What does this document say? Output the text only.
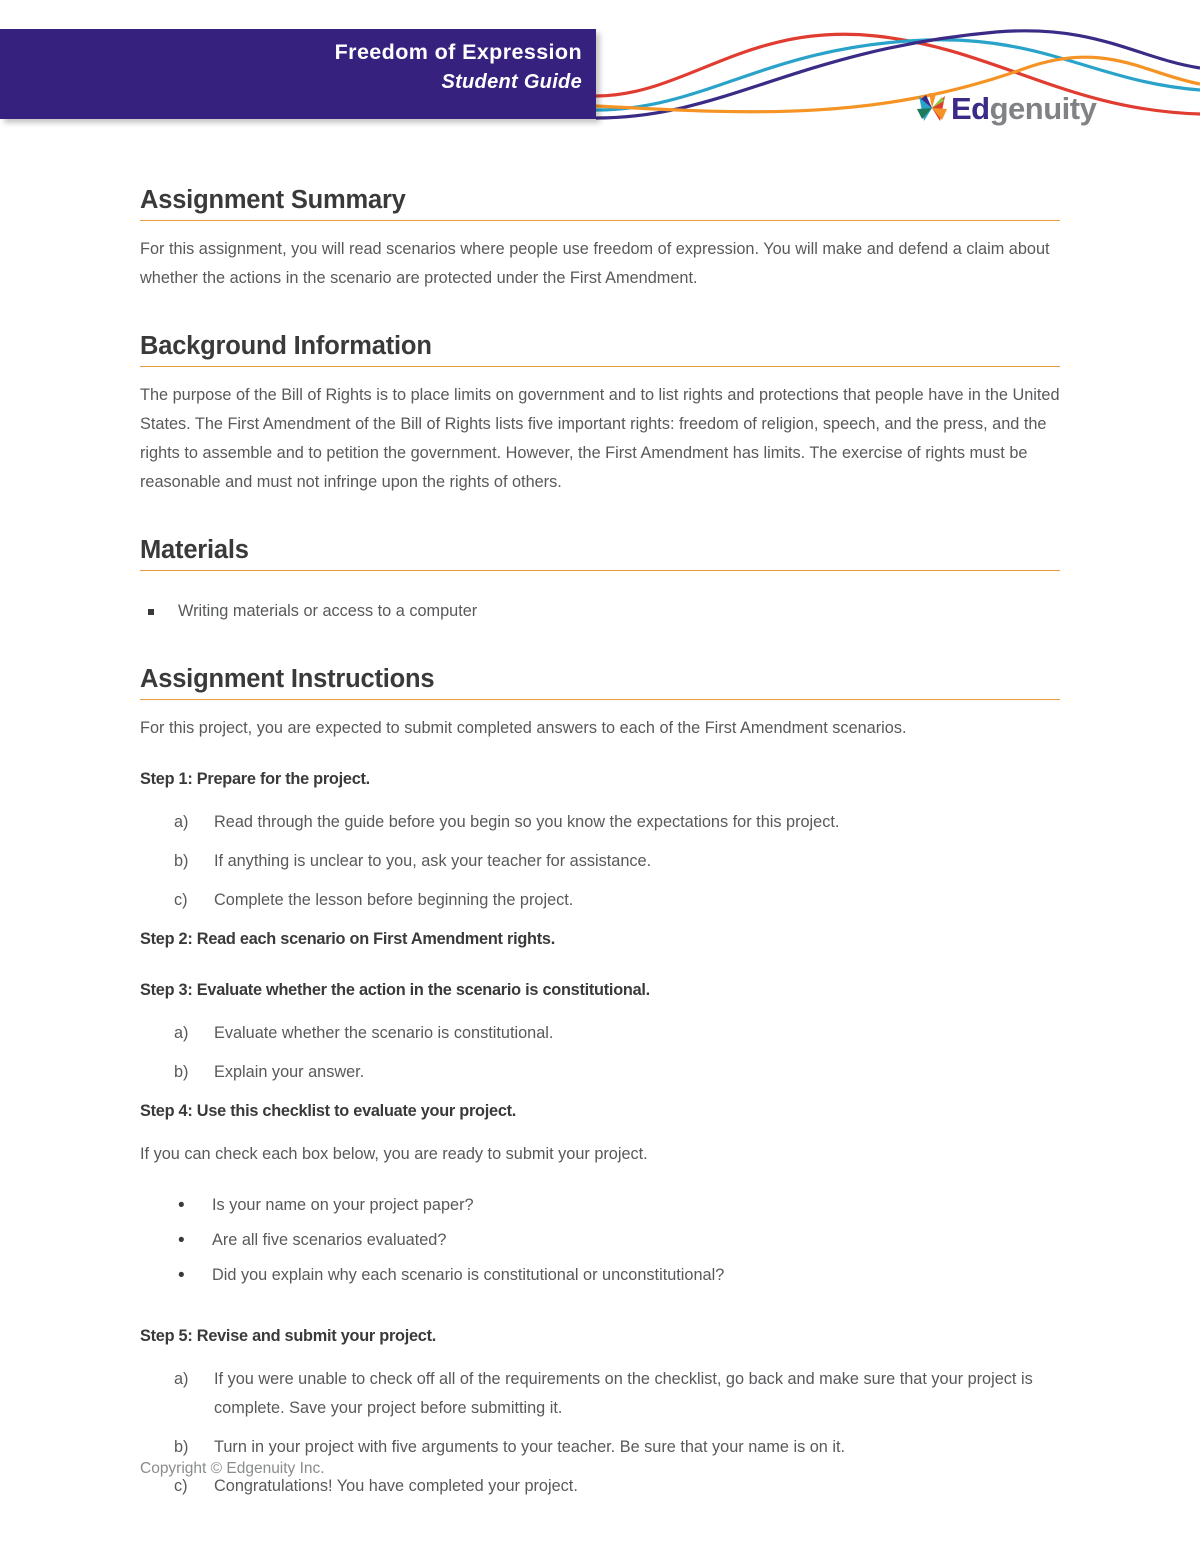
Freedom of Expression
Student Guide
Ed genuity
Assignment Summary

For this assignment, you will read scenarios where people use freedom of expression. You will make and defend a claim about whether the actions in the scenario are protected under the First Amendment.

Background Information

The purpose of the Bill of Rights is to place limits on government and to list rights and protections that people have in the United States. The First Amendment of the Bill of Rights lists five important rights: freedom of religion, speech, and the press, and the rights to assemble and to petition the government. However, the First Amendment has limits. The exercise of rights must be reasonable and must not infringe upon the rights of others.

Materials
Writing materials or access to a computer
Assignment Instructions

For this project, you are expected to submit completed answers to each of the First Amendment scenarios.

Step 1: Prepare for the project.

a)	Read through the guide before you begin so you know the expectations for this project.
b)	If anything is unclear to you, ask your teacher for assistance.
c)	Complete the lesson before beginning the project.

Step 2: Read each scenario on First Amendment rights.

Step 3: Evaluate whether the action in the scenario is constitutional.

a)	Evaluate whether the scenario is constitutional.
b)	Explain your answer.

Step 4: Use this checklist to evaluate your project.

If you can check each box below, you are ready to submit your project.

• Is your name on your project paper?
• Are all five scenarios evaluated?
• Did you explain why each scenario is constitutional or unconstitutional?

Step 5: Revise and submit your project.

a)	If you were unable to check off all of the requirements on the checklist, go back and make sure that your project is complete. Save your project before submitting it.
b)	Turn in your project with five arguments to your teacher. Be sure that your name is on it.
c)	Congratulations! You have completed your project.
Copyright © Edgenuity Inc.
